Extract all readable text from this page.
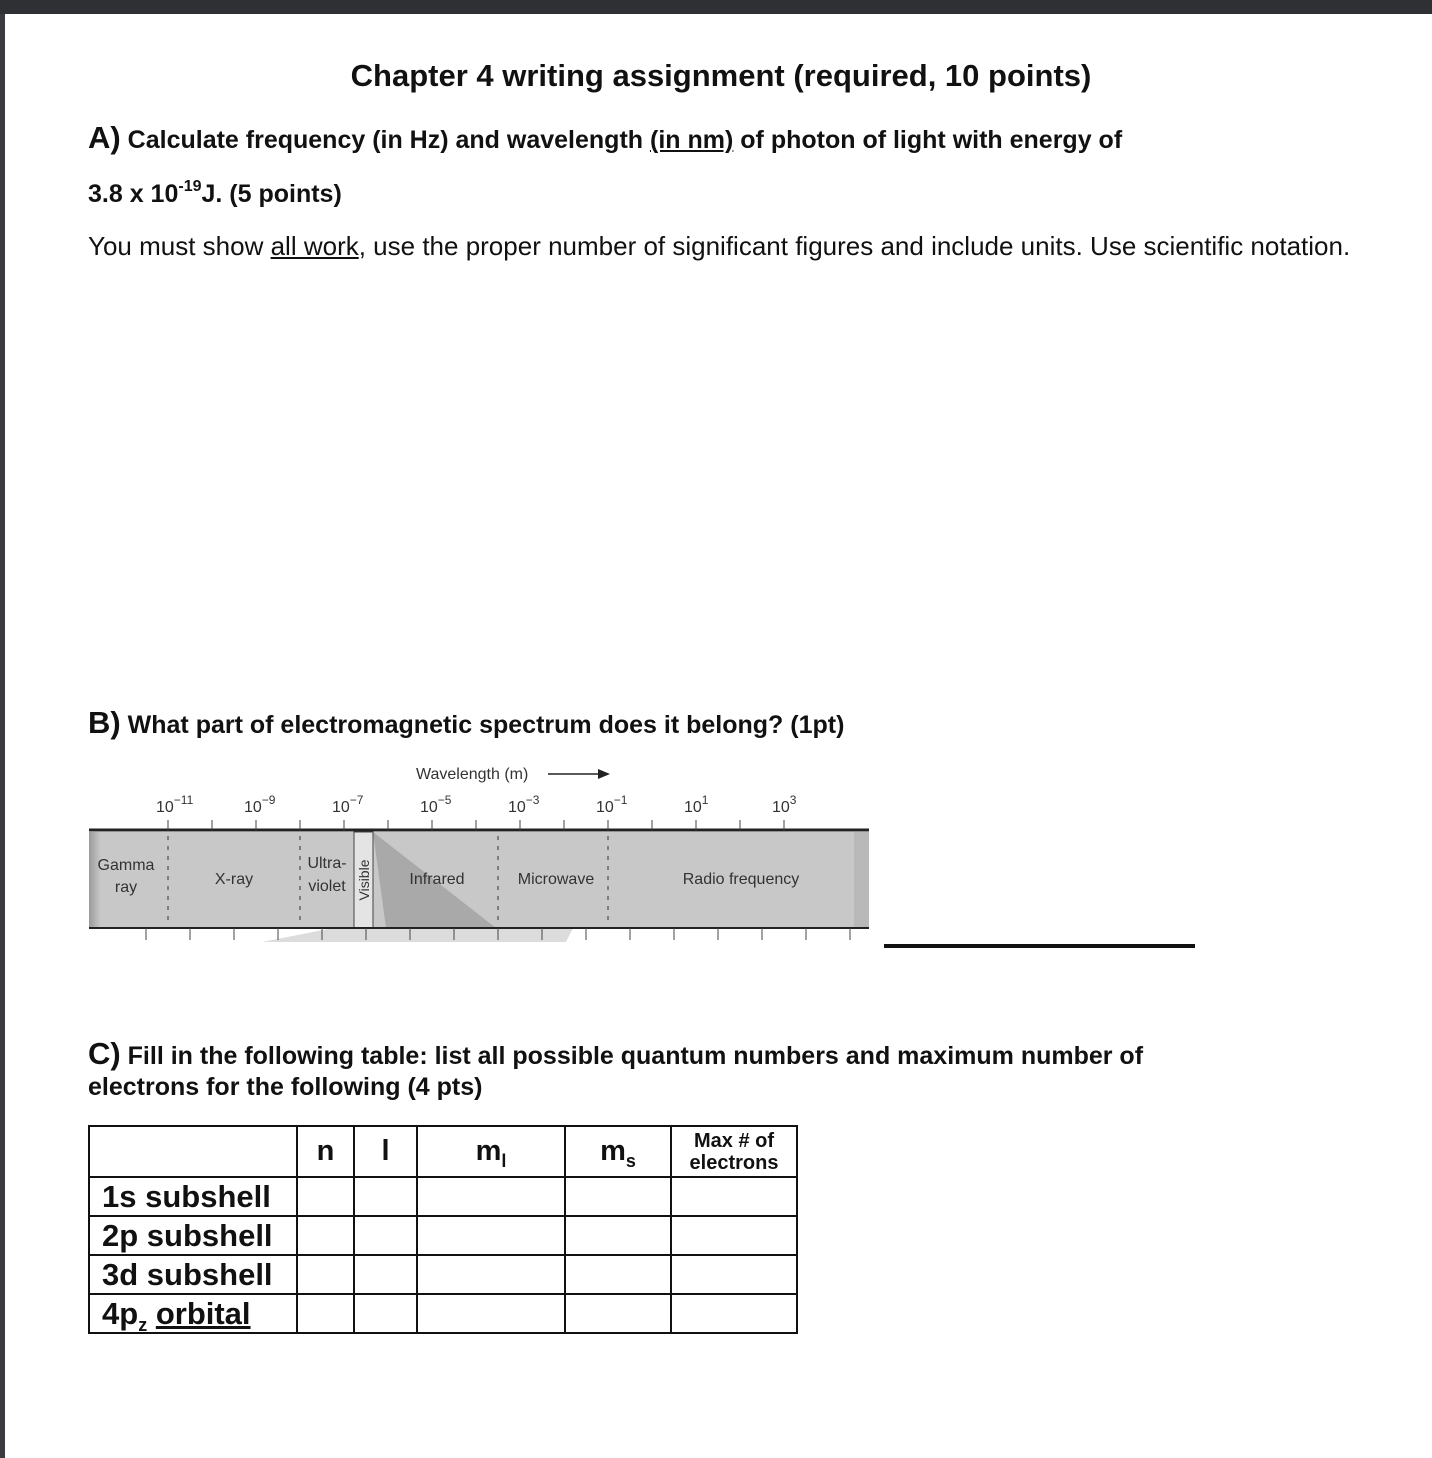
Chapter 4 writing assignment (required, 10 points)
A) Calculate frequency (in Hz) and wavelength (in nm) of photon of light with energy of
3.8 x $10^{-19}J$. (5 points)
You must show all work, use the proper number of significant figures and include units. Use scientific notation.
B) What part of electromagnetic spectrum does it belong? (1pt)
Wavelength (m)
$10^{-11}$	$10^{-9}$	$10^{-7}$	$10^{-5}$	$10^{-3}$	$10^{-1}$	$10^1$	$10^3$
Gamma
ray	X-ray
Ultra-
violet Visible Infrared	Microwave	Radio frequency
C) Fill in the following table: list all possible quantum numbers and maximum number of
electrons for the following (4 pts)
	n	l	$m_l$	$m_s$	Max # of
electrons

1s subshell					
2p subshell					
3d subshell					
$4p_z$ orbital					
